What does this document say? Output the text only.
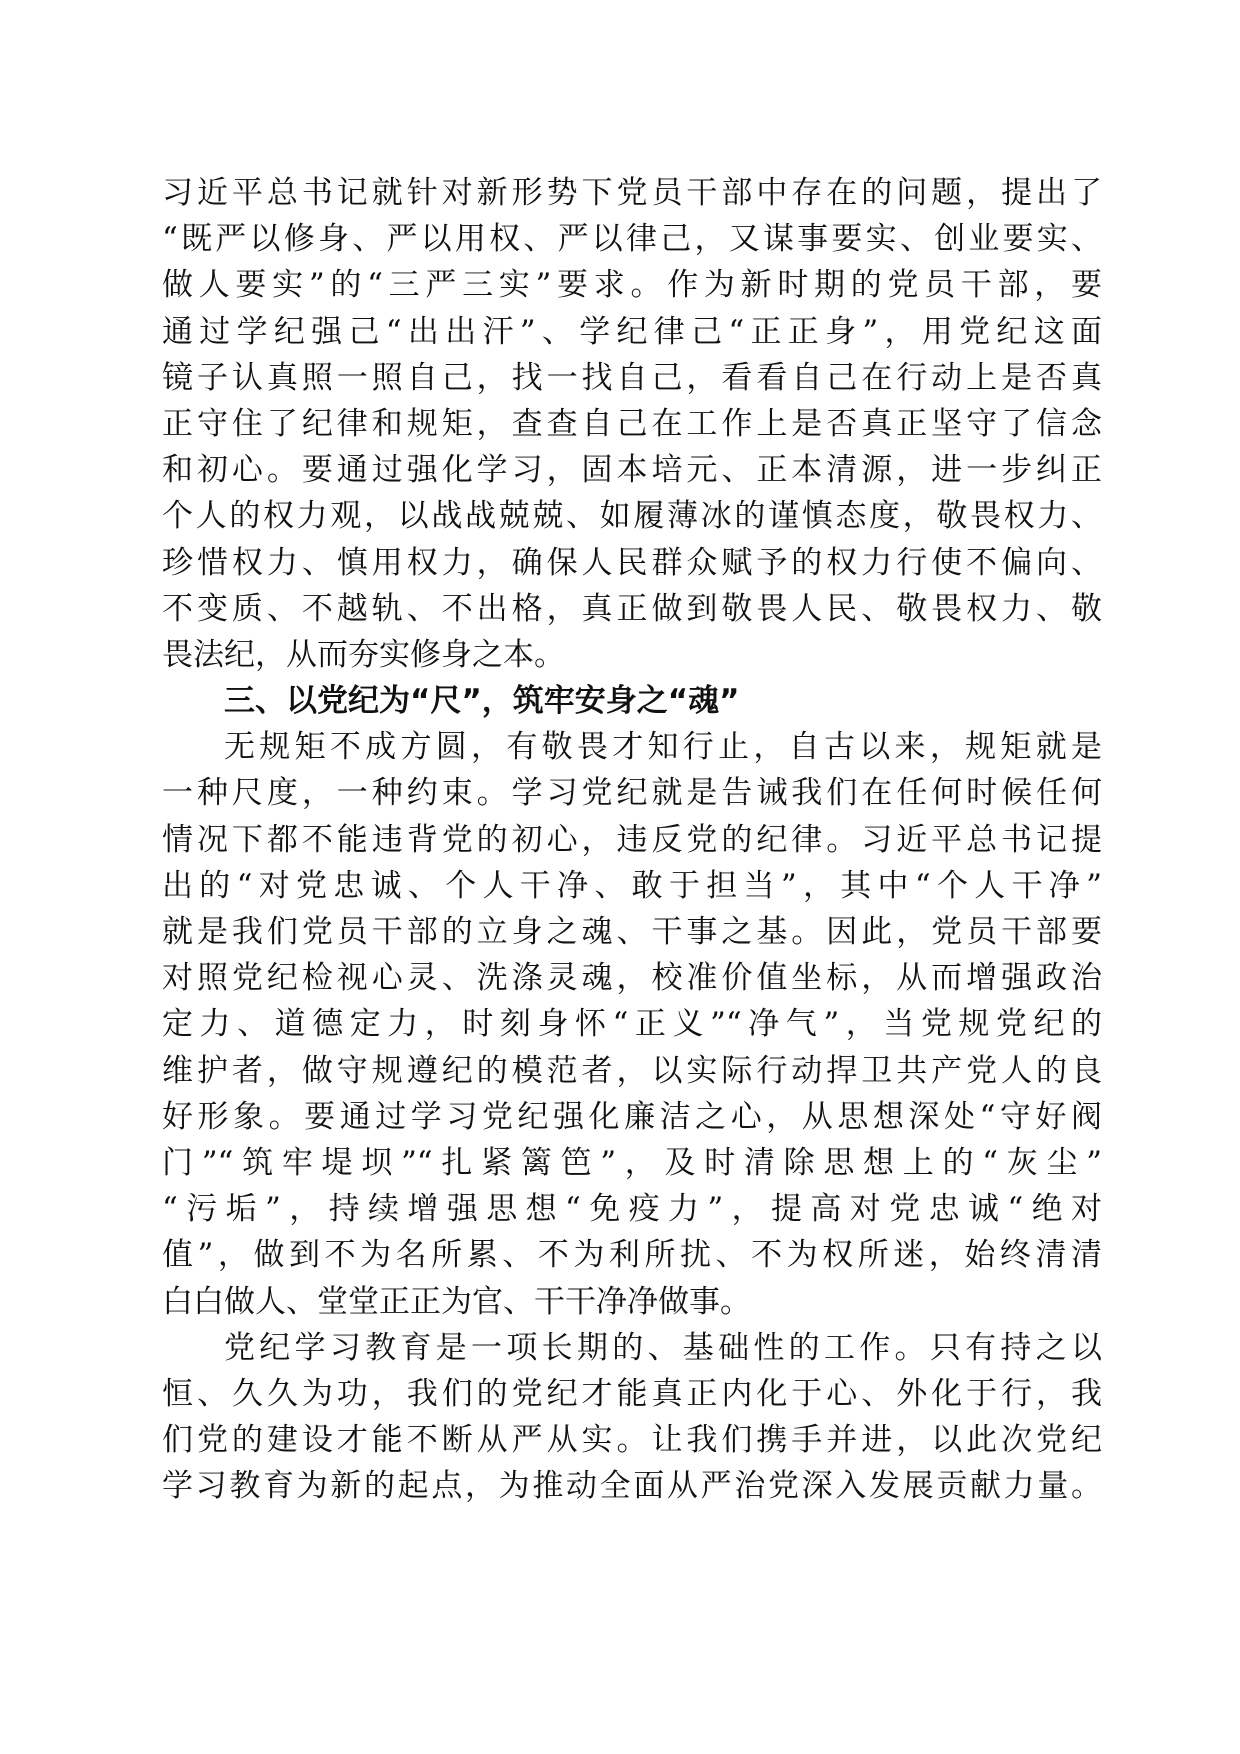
习近平总书记就针对新形势下党员干部中存在的问题，提出了
“既严以修身、严以用权、严以律己，又谋事要实、创业要实、
做人要实”的“三严三实”要求。作为新时期的党员干部，要
通过学纪强己“出出汗”、学纪律己“正正身”，用党纪这面
镜子认真照一照自己，找一找自己，看看自己在行动上是否真
正守住了纪律和规矩，查查自己在工作上是否真正坚守了信念
和初心。要通过强化学习，固本培元、正本清源，进一步纠正
个人的权力观，以战战兢兢、如履薄冰的谨慎态度，敬畏权力、
珍惜权力、慎用权力，确保人民群众赋予的权力行使不偏向、
不变质、不越轨、不出格，真正做到敬畏人民、敬畏权力、敬
畏法纪，从而夯实修身之本。
三、以党纪为“尺”，筑牢安身之“魂”
无规矩不成方圆，有敬畏才知行止，自古以来，规矩就是
一种尺度，一种约束。学习党纪就是告诫我们在任何时候任何
情况下都不能违背党的初心，违反党的纪律。习近平总书记提
出的“对党忠诚、个人干净、敢于担当”，其中“个人干净”
就是我们党员干部的立身之魂、干事之基。因此，党员干部要
对照党纪检视心灵、洗涤灵魂，校准价值坐标，从而增强政治
定力、道德定力，时刻身怀“正义”“净气”，当党规党纪的
维护者，做守规遵纪的模范者，以实际行动捍卫共产党人的良
好形象。要通过学习党纪强化廉洁之心，从思想深处“守好阀
门”“筑牢堤坝”“扎紧篱笆”，及时清除思想上的“灰尘”
“污垢”，持续增强思想“免疫力”，提高对党忠诚“绝对
值”，做到不为名所累、不为利所扰、不为权所迷，始终清清
白白做人、堂堂正正为官、干干净净做事。
党纪学习教育是一项长期的、基础性的工作。只有持之以
恒、久久为功，我们的党纪才能真正内化于心、外化于行，我
们党的建设才能不断从严从实。让我们携手并进，以此次党纪
学习教育为新的起点，为推动全面从严治党深入发展贡献力量。
